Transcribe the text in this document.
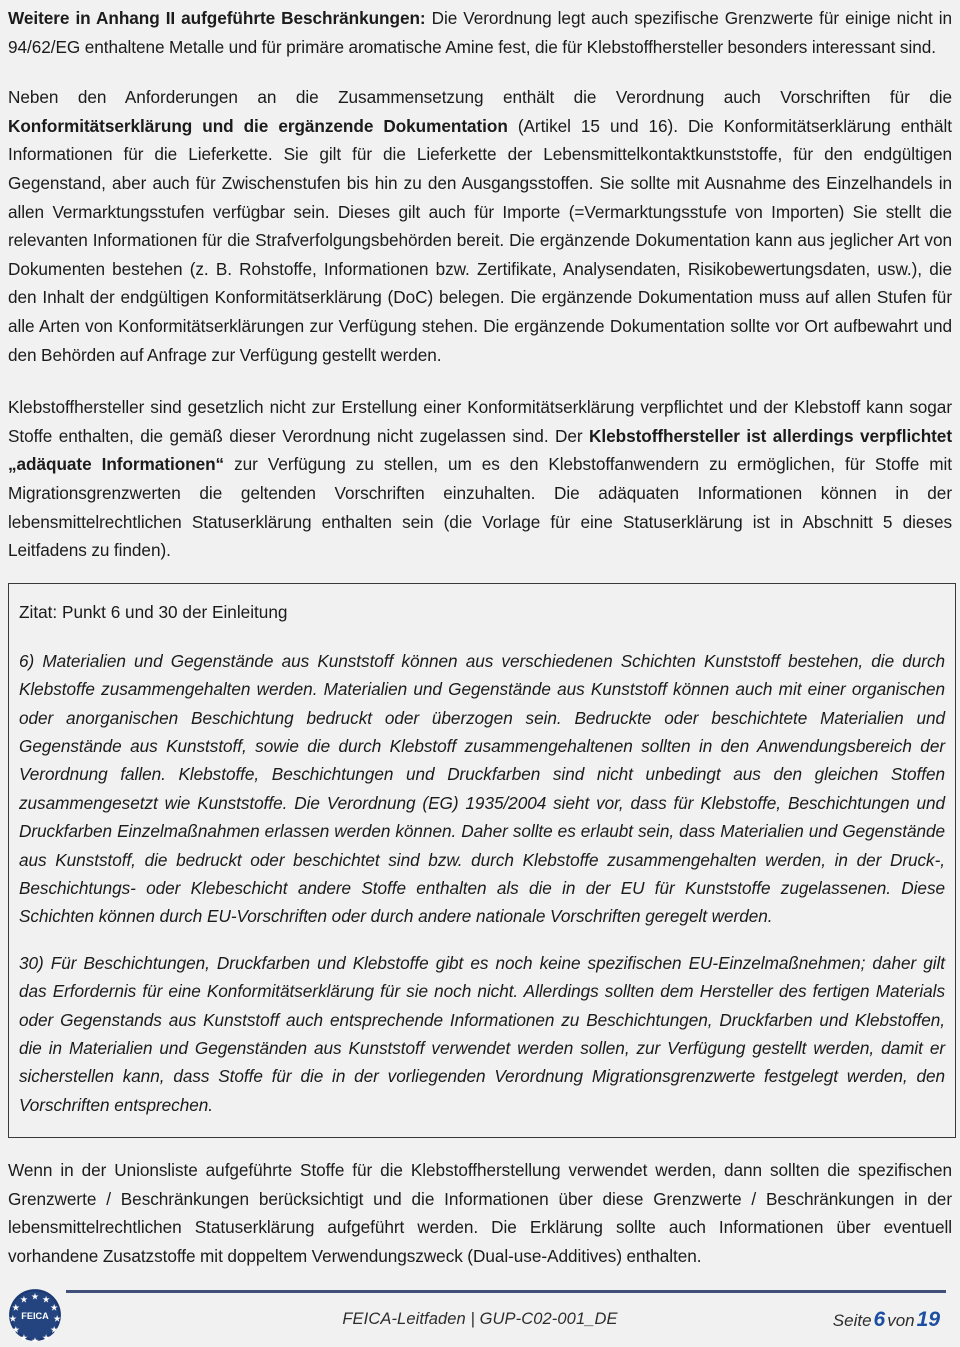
Weitere in Anhang II aufgeführte Beschränkungen: Die Verordnung legt auch spezifische Grenzwerte für einige nicht in 94/62/EG enthaltene Metalle und für primäre aromatische Amine fest, die für Klebstoffhersteller besonders interessant sind.

Neben den Anforderungen an die Zusammensetzung enthält die Verordnung auch Vorschriften für die Konformitätserklärung und die ergänzende Dokumentation (Artikel 15 und 16). Die Konformitätserklärung enthält Informationen für die Lieferkette. Sie gilt für die Lieferkette der Lebensmittelkontaktkunststoffe, für den endgültigen Gegenstand, aber auch für Zwischenstufen bis hin zu den Ausgangsstoffen. Sie sollte mit Ausnahme des Einzelhandels in allen Vermarktungsstufen verfügbar sein. Dieses gilt auch für Importe (=Vermarktungsstufe von Importen) Sie stellt die relevanten Informationen für die Strafverfolgungsbehörden bereit. Die ergänzende Dokumentation kann aus jeglicher Art von Dokumenten bestehen (z. B. Rohstoffe, Informationen bzw. Zertifikate, Analysendaten, Risikobewertungsdaten, usw.), die den Inhalt der endgültigen Konformitätserklärung (DoC) belegen. Die ergänzende Dokumentation muss auf allen Stufen für alle Arten von Konformitätserklärungen zur Verfügung stehen. Die ergänzende Dokumentation sollte vor Ort aufbewahrt und den Behörden auf Anfrage zur Verfügung gestellt werden.

Klebstoffhersteller sind gesetzlich nicht zur Erstellung einer Konformitätserklärung verpflichtet und der Klebstoff kann sogar Stoffe enthalten, die gemäß dieser Verordnung nicht zugelassen sind. Der Klebstoffhersteller ist allerdings verpflichtet „adäquate Informationen“ zur Verfügung zu stellen, um es den Klebstoffanwendern zu ermöglichen, für Stoffe mit Migrationsgrenzwerten die geltenden Vorschriften einzuhalten. Die adäquaten Informationen können in der lebensmittelrechtlichen Statuserklärung enthalten sein (die Vorlage für eine Statuserklärung ist in Abschnitt 5 dieses Leitfadens zu finden).

Zitat: Punkt 6 und 30 der Einleitung
6) Materialien und Gegenstände aus Kunststoff können aus verschiedenen Schichten Kunststoff bestehen, die durch Klebstoffe zusammengehalten werden. Materialien und Gegenstände aus Kunststoff können auch mit einer organischen oder anorganischen Beschichtung bedruckt oder überzogen sein. Bedruckte oder beschichtete Materialien und Gegenstände aus Kunststoff, sowie die durch Klebstoff zusammengehaltenen sollten in den Anwendungsbereich der Verordnung fallen. Klebstoffe, Beschichtungen und Druckfarben sind nicht unbedingt aus den gleichen Stoffen zusammengesetzt wie Kunststoffe. Die Verordnung (EG) 1935/2004 sieht vor, dass für Klebstoffe, Beschichtungen und Druckfarben Einzelmaßnahmen erlassen werden können. Daher sollte es erlaubt sein, dass Materialien und Gegenstände aus Kunststoff, die bedruckt oder beschichtet sind bzw. durch Klebstoffe zusammengehalten werden, in der Druck-, Beschichtungs- oder Klebeschicht andere Stoffe enthalten als die in der EU für Kunststoffe zugelassenen. Diese Schichten können durch EU-Vorschriften oder durch andere nationale Vorschriften geregelt werden.
30) Für Beschichtungen, Druckfarben und Klebstoffe gibt es noch keine spezifischen EU-Einzelmaßnehmen; daher gilt das Erfordernis für eine Konformitätserklärung für sie noch nicht. Allerdings sollten dem Hersteller des fertigen Materials oder Gegenstands aus Kunststoff auch entsprechende Informationen zu Beschichtungen, Druckfarben und Klebstoffen, die in Materialien und Gegenständen aus Kunststoff verwendet werden sollen, zur Verfügung gestellt werden, damit er sicherstellen kann, dass Stoffe für die in der vorliegenden Verordnung Migrationsgrenzwerte festgelegt werden, den Vorschriften entsprechen.

Wenn in der Unionsliste aufgeführte Stoffe für die Klebstoffherstellung verwendet werden, dann sollten die spezifischen Grenzwerte / Beschränkungen berücksichtigt und die Informationen über diese Grenzwerte / Beschränkungen in der lebensmittelrechtlichen Statuserklärung aufgeführt werden. Die Erklärung sollte auch Informationen über eventuell vorhandene Zusatzstoffe mit doppeltem Verwendungszweck (Dual-use-Additives) enthalten.

FEICA	FEICA-Leitfaden | GUP-C02-001_DE	Seite6 von19
